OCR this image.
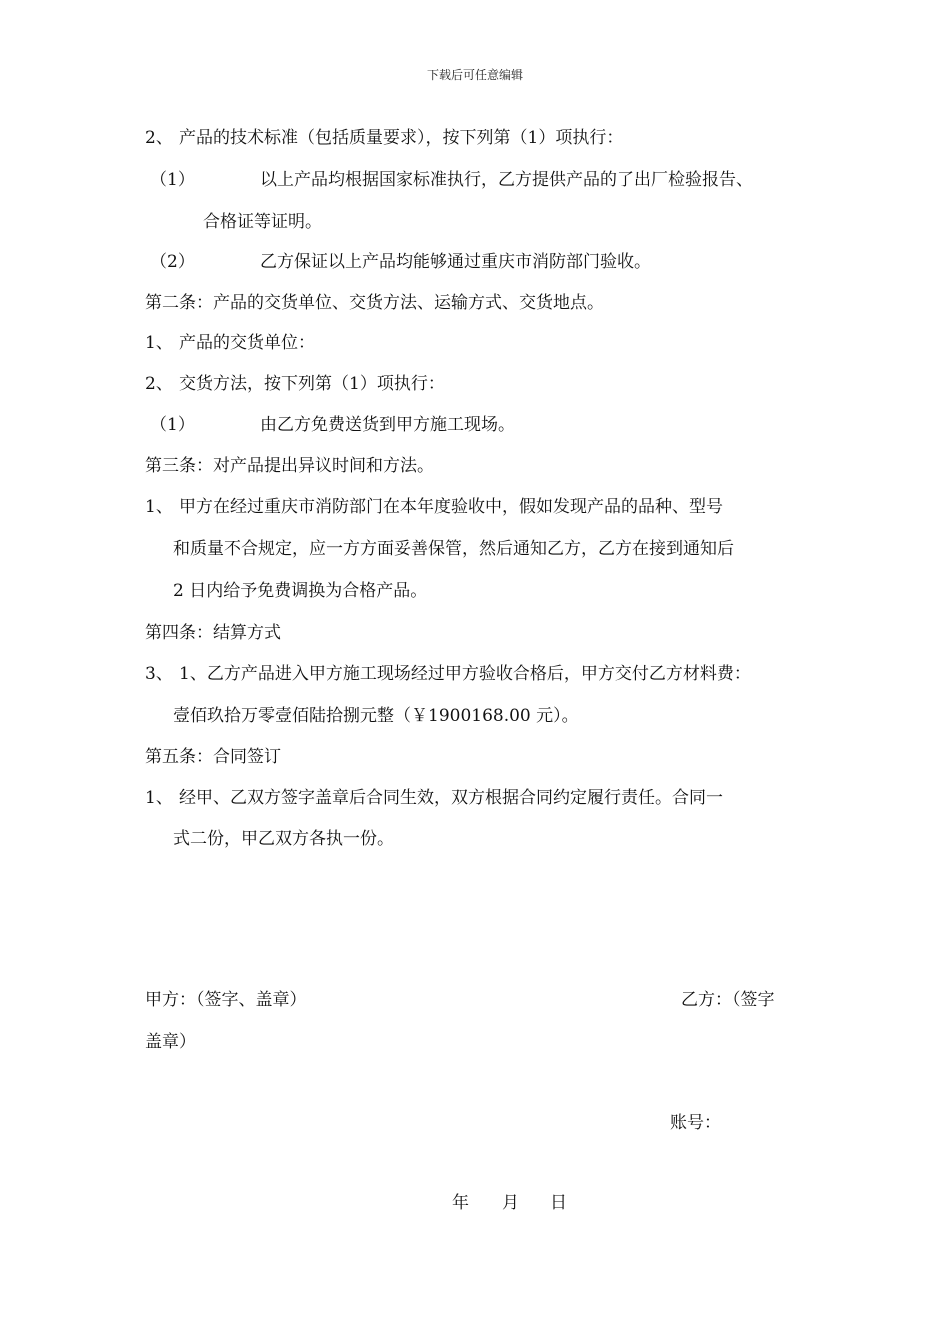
下载后可任意编辑
2、 产品的技术标准（包括质量要求），按下列第（1）项执行：
（1）	以上产品均根据国家标准执行，乙方提供产品的了出厂检验报告、
合格证等证明。
（2）	乙方保证以上产品均能够通过重庆市消防部门验收。
第二条：产品的交货单位、交货方法、运输方式、交货地点。
1、 产品的交货单位：
2、 交货方法，按下列第（1）项执行：
（1）	由乙方免费送货到甲方施工现场。
第三条：对产品提出异议时间和方法。
1、 甲方在经过重庆市消防部门在本年度验收中，假如发现产品的品种、型号
和质量不合规定，应一方方面妥善保管，然后通知乙方，乙方在接到通知后
2 日内给予免费调换为合格产品。
第四条：结算方式
3、 1、乙方产品进入甲方施工现场经过甲方验收合格后，甲方交付乙方材料费：
壹佰玖拾万零壹佰陆拾捌元整（￥1900168.00 元）。
第五条：合同签订
1、 经甲、乙双方签字盖章后合同生效，双方根据合同约定履行责任。合同一
式二份，甲乙双方各执一份。
甲方：（签字、盖章）	乙方：（签字
盖章）
账号：
年 月 日
